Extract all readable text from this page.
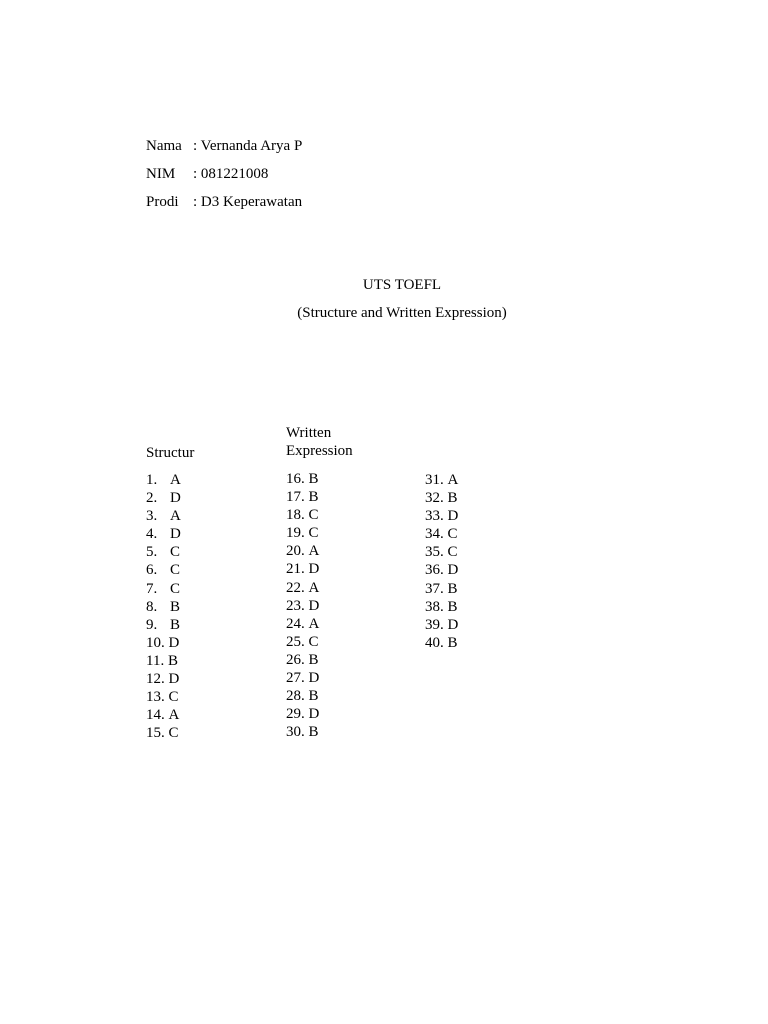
Nama : Vernanda Arya P
NIM	: 081221008
Prodi : D3 Keperawatan
UTS TOEFL
(Structure and Written Expression)
Structur
1. A
2. D
3. A
4. D
5. C
6. C
7. C
8. B
9. B
10.
D
11.
B
12.
D
13.
C
14.
A
15.
C
Written
Expression
16.
B
17.
B
18.
C
19.
C
20.
A
21.
D
22.
A
23.
D
24.
A
25.
C
26.
B
27.
D
28.
B
29.
D
30.
B
31.
A
32.
B
33.
D
34.
C
35.
C
36.
D
37.
B
38.
B
39.
D
40.
B
